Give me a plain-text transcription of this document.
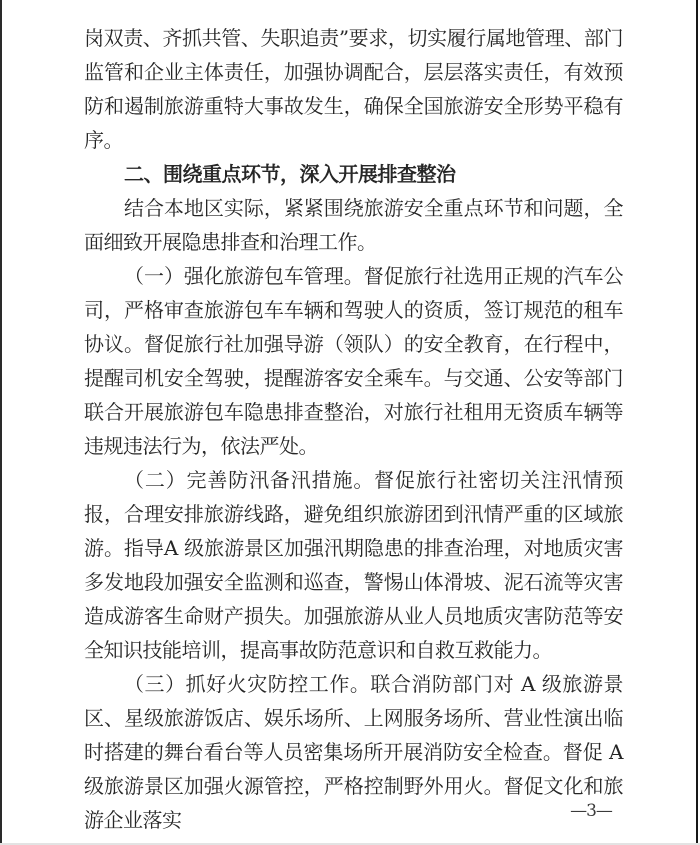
岗双责、齐抓共管、失职追责”要求，切实履行属地管理、部门监管和企业主体责任，加强协调配合，层层落实责任，有效预防和遏制旅游重特大事故发生，确保全国旅游安全形势平稳有序。

二、围绕重点环节，深入开展排查整治

结合本地区实际，紧紧围绕旅游安全重点环节和问题，全面细致开展隐患排查和治理工作。

（一）强化旅游包车管理。督促旅行社选用正规的汽车公司，严格审查旅游包车车辆和驾驶人的资质，签订规范的租车协议。督促旅行社加强导游（领队）的安全教育，在行程中，提醒司机安全驾驶，提醒游客安全乘车。与交通、公安等部门联合开展旅游包车隐患排查整治，对旅行社租用无资质车辆等违规违法行为，依法严处。

（二）完善防汛备汛措施。督促旅行社密切关注汛情预报，合理安排旅游线路，避免组织旅游团到汛情严重的区域旅游。指导A 级旅游景区加强汛期隐患的排查治理，对地质灾害多发地段加强安全监测和巡查，警惕山体滑坡、泥石流等灾害造成游客生命财产损失。加强旅游从业人员地质灾害防范等安全知识技能培训，提高事故防范意识和自救互救能力。

（三）抓好火灾防控工作。联合消防部门对 A 级旅游景区、星级旅游饭店、娱乐场所、上网服务场所、营业性演出临时搭建的舞台看台等人员密集场所开展消防安全检查。督促 A 级旅游景区加强火源管控，严格控制野外用火。督促文化和旅游企业落实	—3—
